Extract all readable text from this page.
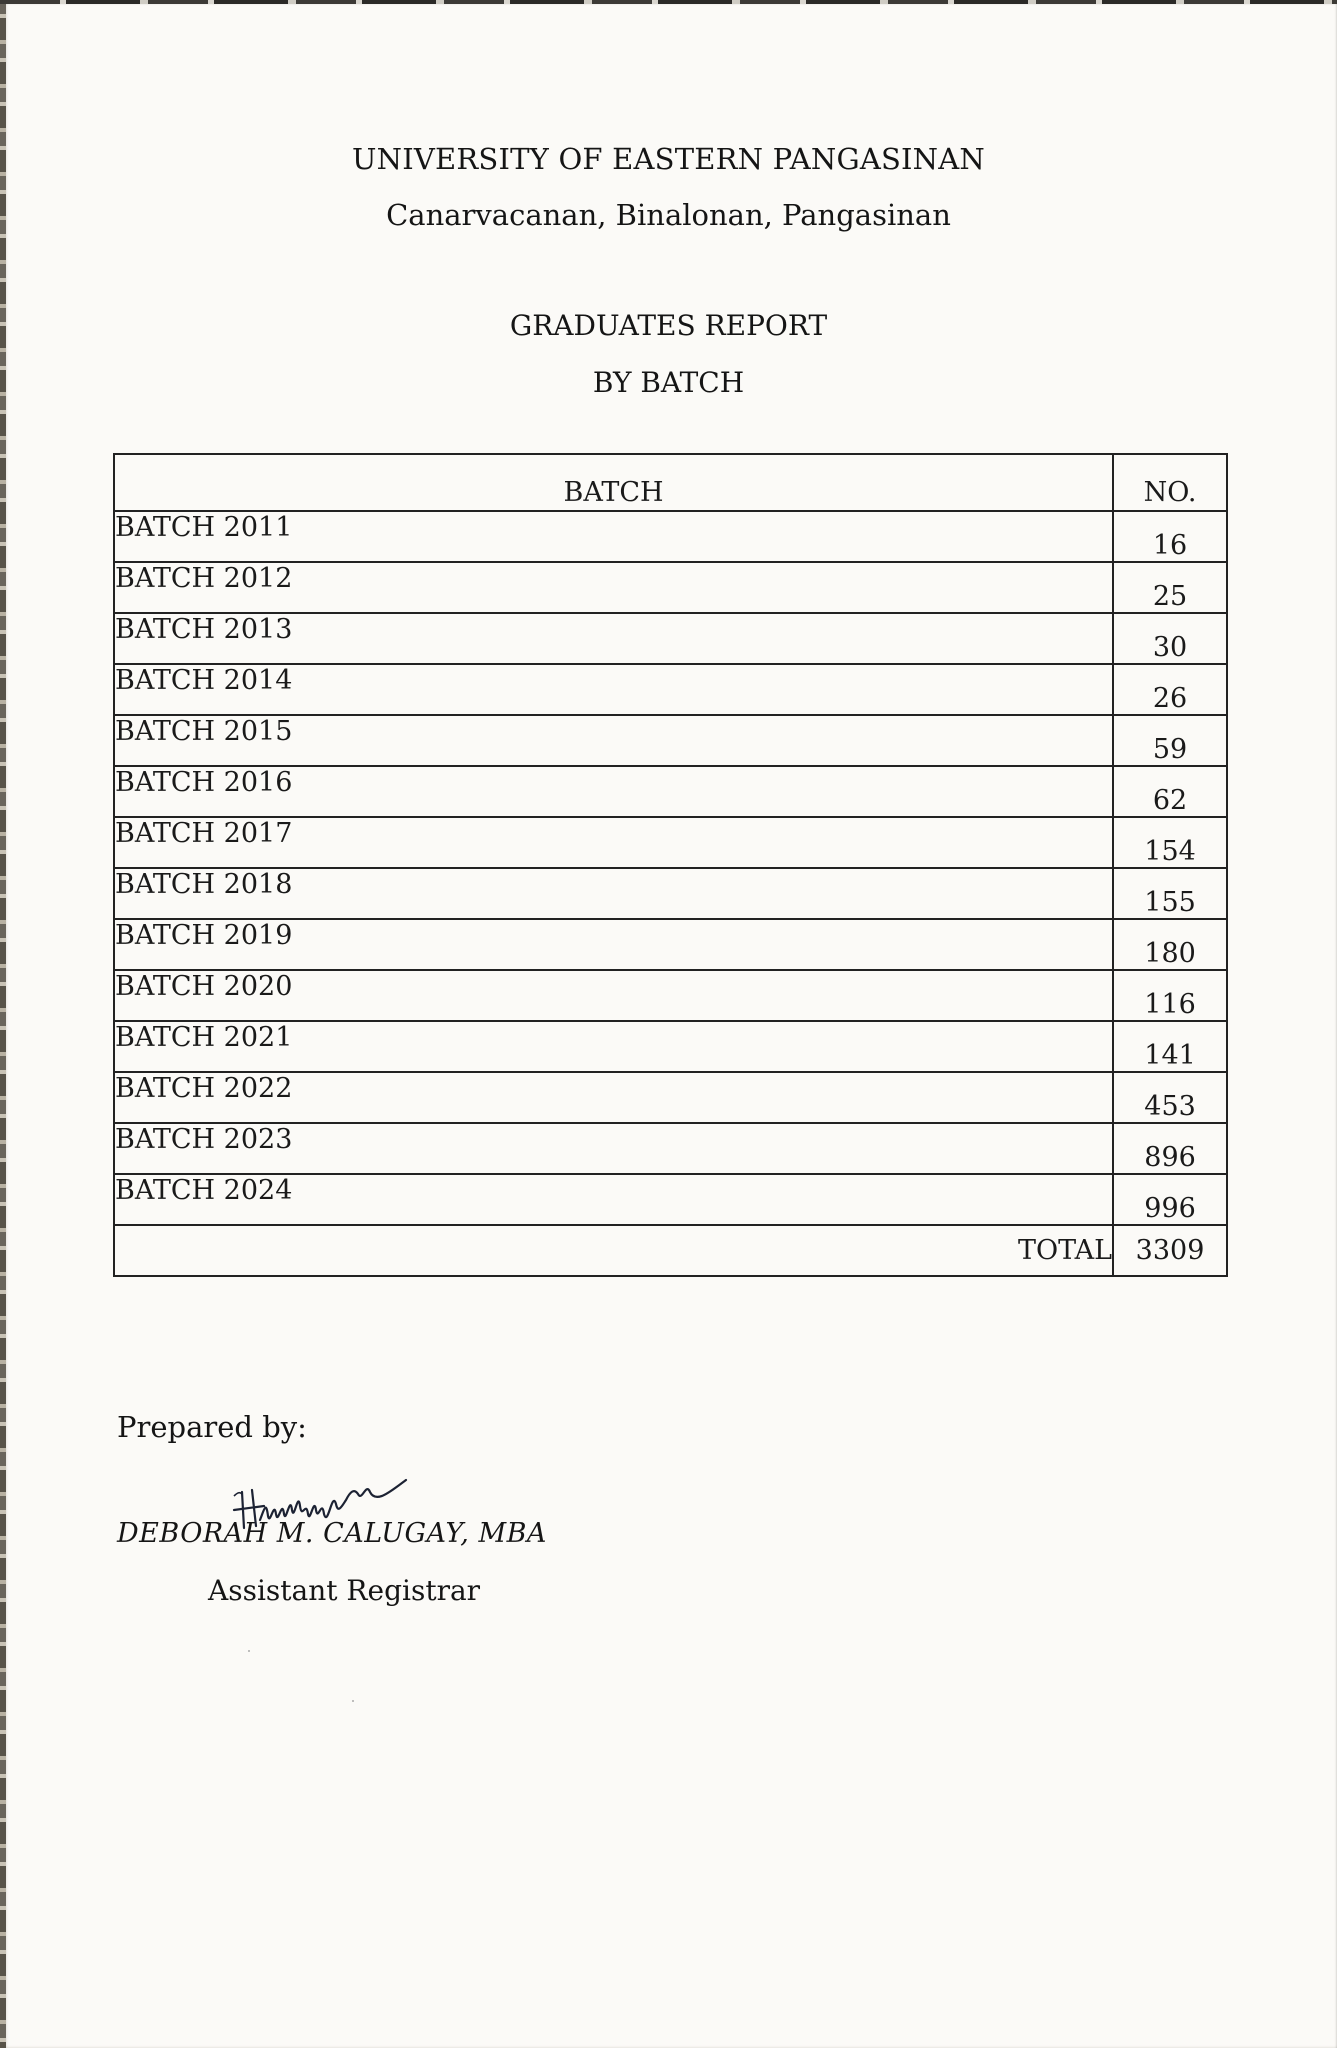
UNIVERSITY OF EASTERN PANGASINAN
Canarvacanan, Binalonan, Pangasinan
GRADUATES REPORT
BY BATCH
BATCH	NO.
BATCH 2011	16
BATCH 2012	25
BATCH 2013	30
BATCH 2014	26
BATCH 2015	59
BATCH 2016	62
BATCH 2017	154
BATCH 2018	155
BATCH 2019	180
BATCH 2020	116
BATCH 2021	141
BATCH 2022	453
BATCH 2023	896
BATCH 2024	996
TOTAL	3309
Prepared by:
DEBORAH M. CALUGAY, MBA
Assistant Registrar
